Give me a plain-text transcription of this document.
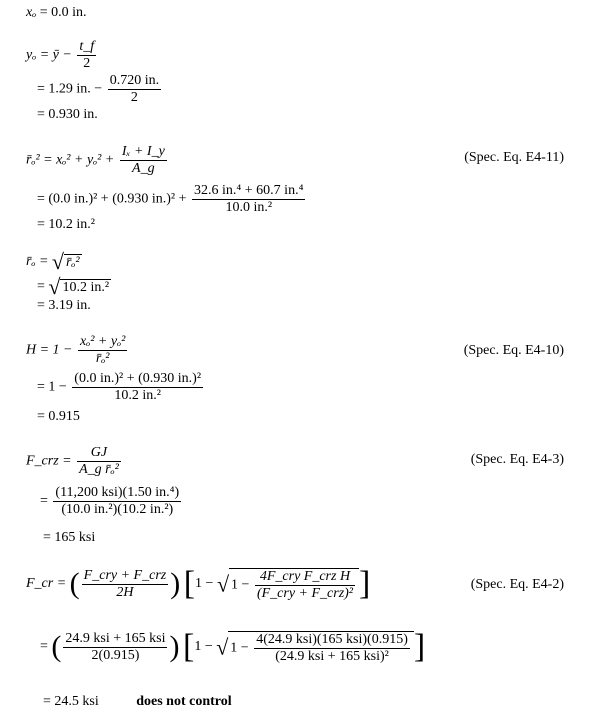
xₒ = 0.0 in.
yₒ = ȳ − $\frac{t\_f}{2}$
= 1.29 in. − $\frac{0.720 in.}{2}$
= 0.930 in.
r̄ₒ² = $x_o^2 + y_o^2 + \frac{\text{Iₓ + I\_y}}{A\_g}$	(Spec. Eq. E4-11)
= (0.0 in.)² + (0.930 $in.)^2 + \frac{\text{32.6 in.⁴ + 60.7 in.⁴}}{\text{10.0 in.²}}$
= 10.2 in.²
r̄ₒ = √ r̄ₒ²
= √ 10.2 in.²
= 3.19 in.
$H = 1 - \frac{\text{xₒ² + yₒ²}}{\text{r̄ₒ²}}$	(Spec. Eq. E4-10)
= $1 - \frac{\text{(0.0 in.)² + (0.930 in.)²}}{\text{10.2 in.²}}$
= 0.915
F_crz = $\frac{GJ}{\text{A\_g r̄ₒ²}}$	(Spec. Eq. E4-3)
= $\frac{\text{(11,200 ksi)(1.50 in.⁴)}}{\text{(10.0 in.²)(10.2 in.²)}}$
= 165 ksi
F_cr = ( $\frac{\text{F\_cry + F\_crz}}{2H}$ ) [1 − √ $1 - \frac{\text{4F\_cry F\_crz H}}{\text{(F\_cry + F\_crz)²}}$ ]	(Spec. Eq. E4-2)
= ( $\frac{\text{24.9 ksi + 165 ksi}}{2(0.915)}$ ) [1 − √ $1 - \frac{\text{4(24.9 ksi)(165 ksi)(0.915)}}{\text{(24.9 ksi + 165 ksi)²}}$ ]
= 24.5 ksi	does not control
